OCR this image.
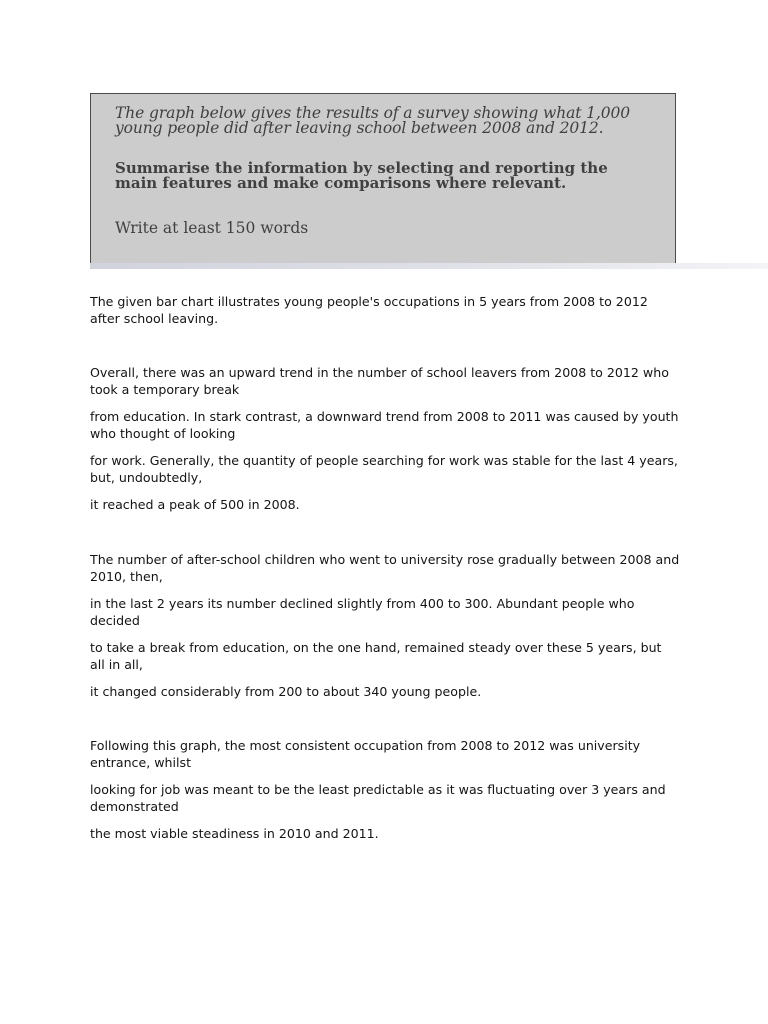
The graph below gives the results of a survey showing what 1,000 young people did after leaving school between 2008 and 2012.

Summarise the information by selecting and reporting the main features and make comparisons where relevant.

Write at least 150 words

The given bar chart illustrates young people's occupations in 5 years from 2008 to 2012 after school leaving.

Overall, there was an upward trend in the number of school leavers from 2008 to 2012 who took a temporary break

from education. In stark contrast, a downward trend from 2008 to 2011 was caused by youth who thought of looking

for work. Generally, the quantity of people searching for work was stable for the last 4 years, but, undoubtedly,

it reached a peak of 500 in 2008.

The number of after-school children who went to university rose gradually between 2008 and 2010, then,

in the last 2 years its number declined slightly from 400 to 300. Abundant people who decided

to take a break from education, on the one hand, remained steady over these 5 years, but all in all,

it changed considerably from 200 to about 340 young people.

Following this graph, the most consistent occupation from 2008 to 2012 was university entrance, whilst

looking for job was meant to be the least predictable as it was fluctuating over 3 years and demonstrated

the most viable steadiness in 2010 and 2011.
